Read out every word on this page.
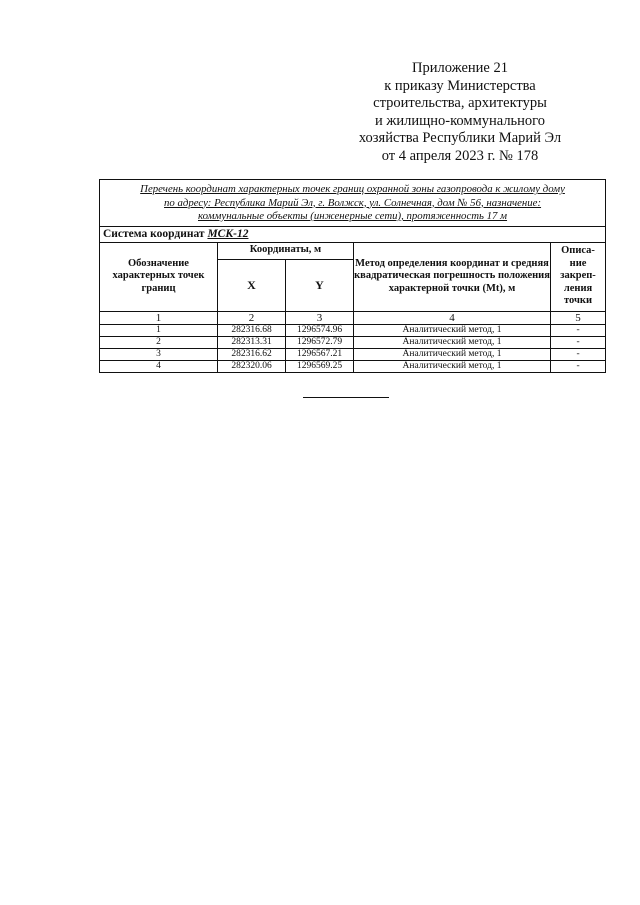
Приложение 21
к приказу Министерства
строительства, архитектуры
и жилищно-коммунального
хозяйства Республики Марий Эл
от 4 апреля 2023 г. № 178
Перечень координат характерных точек границ охранной зоны газопровода к жилому дому
по адресу: Республика Марий Эл, г. Волжск, ул. Солнечная, дом № 56, назначение:
коммунальные объекты (инженерные сети), протяженность 17 м				

Система координат МСК-12				
Обозначение характерных точек границ	Координаты, м		Метод определения координат и средняя квадратическая погрешность положения характерной точки (Mt), м	Описа-
ние
закреп-
ления
точки

	X	Y		
1	2	3	4	5
1	282316.68	1296574.96	Аналитический метод, 1	-
2	282313.31	1296572.79	Аналитический метод, 1	-
3	282316.62	1296567.21	Аналитический метод, 1	-
4	282320.06	1296569.25	Аналитический метод, 1	-
